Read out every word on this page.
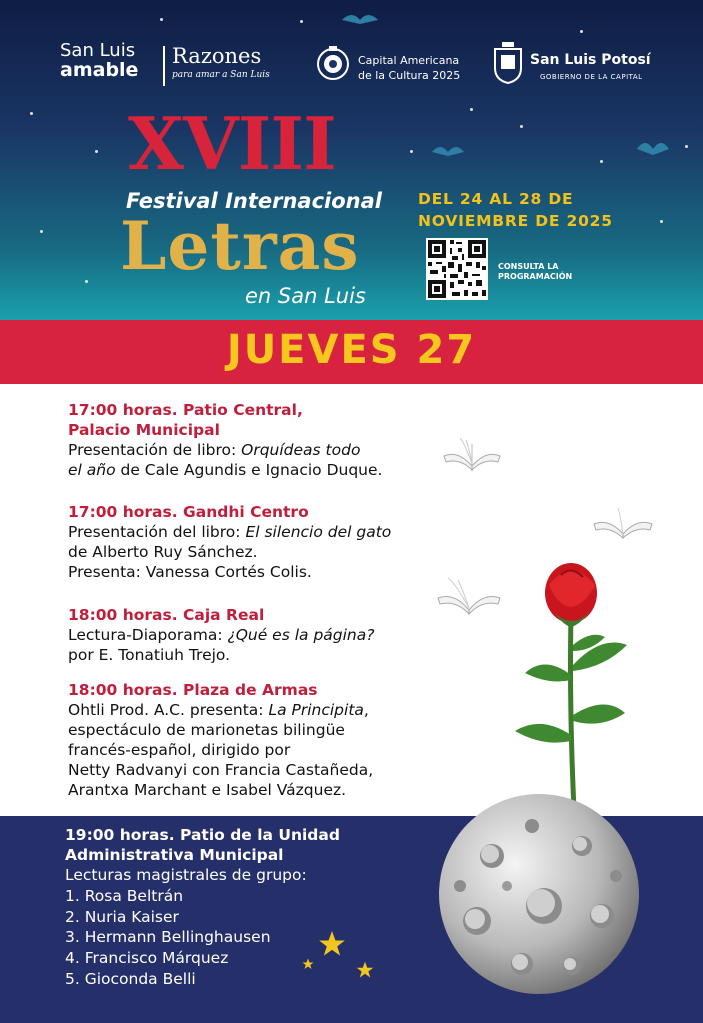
San Luis
amable
Razones
para amar a San Luis
Capital Americana
de la Cultura 2025
San Luis Potosí
GOBIERNO DE LA CAPITAL
XVIII
Festival Internacional
Letras
en San Luis
DEL 24 AL 28 DE
NOVIEMBRE DE 2025
CONSULTA LA
PROGRAMACIÓN
JUEVES 27
17:00 horas. Patio Central,
Palacio Municipal
Presentación de libro: Orquídeas todo
el año de Cale Agundis e Ignacio Duque.
17:00 horas. Gandhi Centro
Presentación del libro: El silencio del gato
de Alberto Ruy Sánchez.
Presenta: Vanessa Cortés Colis.
18:00 horas. Caja Real
Lectura-Diaporama: ¿Qué es la página?
por E. Tonatiuh Trejo.
18:00 horas. Plaza de Armas
Ohtli Prod. A.C. presenta: La Principita,
espectáculo de marionetas bilingüe
francés-español, dirigido por
Netty Radvanyi con Francia Castañeda,
Arantxa Marchant e Isabel Vázquez.
19:00 horas. Patio de la Unidad
Administrativa Municipal
Lecturas magistrales de grupo:
1. Rosa Beltrán
2. Nuria Kaiser
3. Hermann Bellinghausen
4. Francisco Márquez
5. Gioconda Belli
